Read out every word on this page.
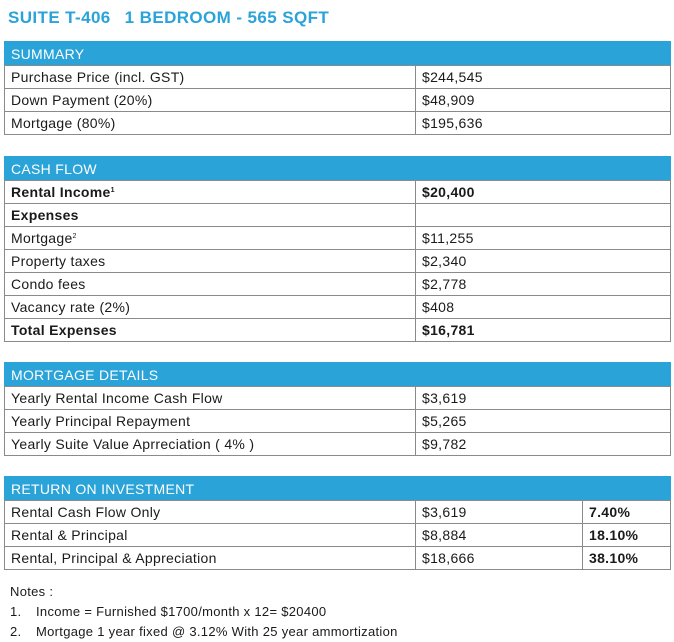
SUITE T-406 1 BEDROOM - 565 SQFT
SUMMARY	
Purchase Price (incl. GST)	$244,545
Down Payment (20%)	$48,909
Mortgage (80%)	$195,636
CASH FLOW	
Rental Income$^1$	$20,400
Expenses	
Mortgage$^2$	$11,255
Property taxes	$2,340
Condo fees	$2,778
Vacancy rate (2%)	$408
Total Expenses	$16,781
MORTGAGE DETAILS	
Yearly Rental Income Cash Flow	$3,619
Yearly Principal Repayment	$5,265
Yearly Suite Value Aprreciation ( 4% )	$9,782
RETURN ON INVESTMENT		
Rental Cash Flow Only	$3,619	7.40%
Rental & Principal	$8,884	18.10%
Rental, Principal & Appreciation	$18,666	38.10%
Notes :
1. Income = Furnished $1700/month x 12= $20400
2. Mortgage 1 year fixed @ 3.12% With 25 year ammortization
